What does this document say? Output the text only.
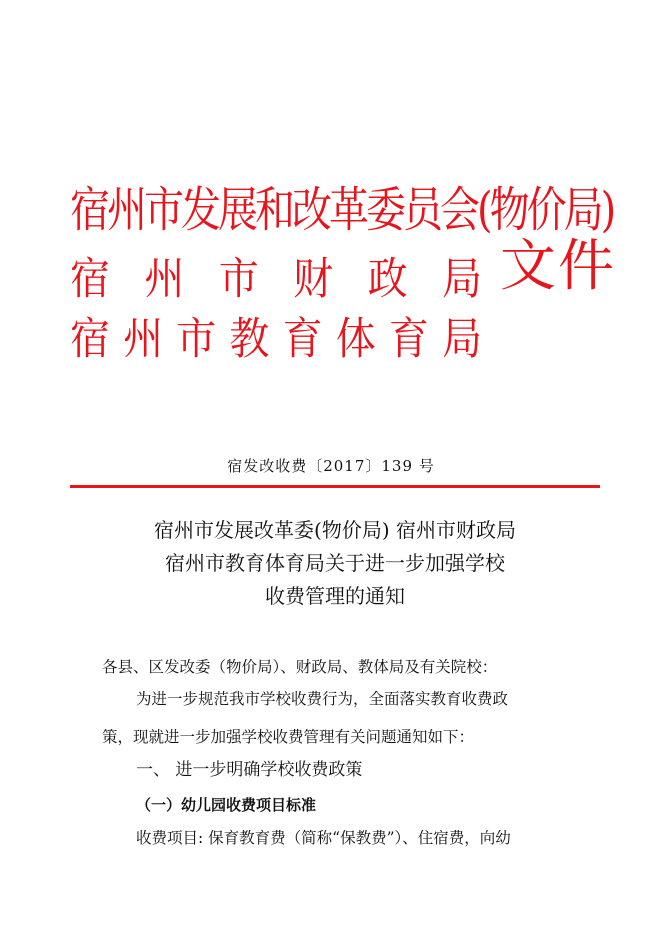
宿州市发展和改革委员会(物价局)
宿 州 市 财 政 局
宿 州 市 教 育 体 育 局
文件
宿发改收费〔2017〕139 号
宿州市发展改革委(物价局) 宿州市财政局
宿州市教育体育局关于进一步加强学校
收费管理的通知
各县、区发改委（物价局）、财政局、教体局及有关院校：
为进一步规范我市学校收费行为，全面落实教育收费政
策，现就进一步加强学校收费管理有关问题通知如下：
一、 进一步明确学校收费政策
（一）幼儿园收费项目标准
收费项目: 保育教育费（简称“保教费”）、住宿费，向幼
